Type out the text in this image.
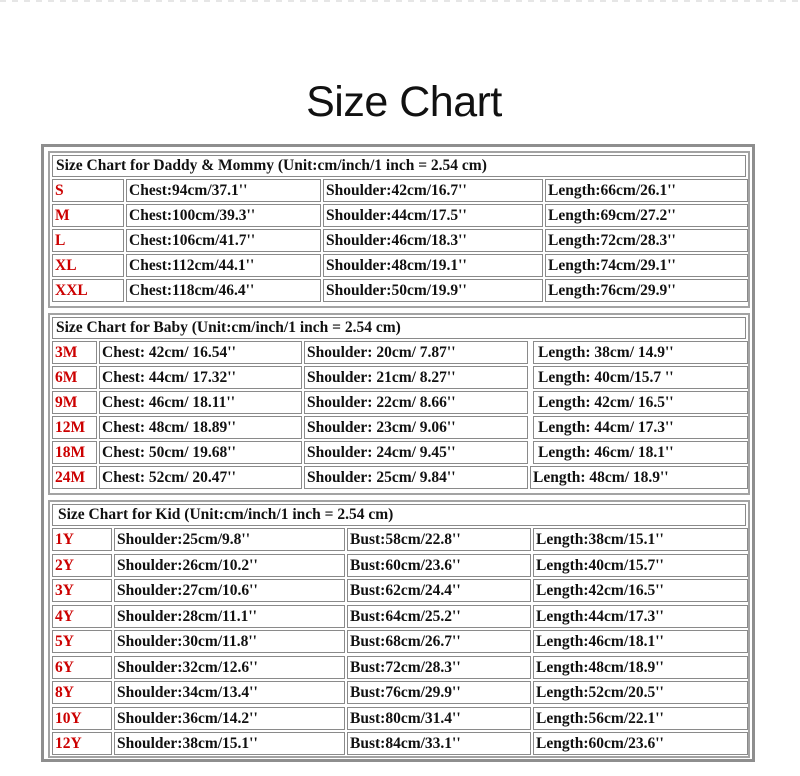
Size Chart
Size Chart for Daddy & Mommy (Unit:cm/inch/1 inch = 2.54 cm)
S	Chest:94cm/37.1''	Shoulder:42cm/16.7''	Length:66cm/26.1''
M	Chest:100cm/39.3''	Shoulder:44cm/17.5''	Length:69cm/27.2''
L	Chest:106cm/41.7''	Shoulder:46cm/18.3''	Length:72cm/28.3''
XL	Chest:112cm/44.1''	Shoulder:48cm/19.1''	Length:74cm/29.1''
XXL	Chest:118cm/46.4''	Shoulder:50cm/19.9''	Length:76cm/29.9''
Size Chart for Baby (Unit:cm/inch/1 inch = 2.54 cm)
3M	Chest: 42cm/ 16.54''	Shoulder: 20cm/ 7.87''	Length: 38cm/ 14.9''
6M	Chest: 44cm/ 17.32''	Shoulder: 21cm/ 8.27''	Length: 40cm/15.7 ''
9M	Chest: 46cm/ 18.11''	Shoulder: 22cm/ 8.66''	Length: 42cm/ 16.5''
12M	Chest: 48cm/ 18.89''	Shoulder: 23cm/ 9.06''	Length: 44cm/ 17.3''
18M	Chest: 50cm/ 19.68''	Shoulder: 24cm/ 9.45''	Length: 46cm/ 18.1''
24M	Chest: 52cm/ 20.47''	Shoulder: 25cm/ 9.84''	Length: 48cm/ 18.9''
Size Chart for Kid (Unit:cm/inch/1 inch = 2.54 cm)
1Y	Shoulder:25cm/9.8''	Bust:58cm/22.8''	Length:38cm/15.1''
2Y	Shoulder:26cm/10.2''	Bust:60cm/23.6''	Length:40cm/15.7''
3Y	Shoulder:27cm/10.6''	Bust:62cm/24.4''	Length:42cm/16.5''
4Y	Shoulder:28cm/11.1''	Bust:64cm/25.2''	Length:44cm/17.3''
5Y	Shoulder:30cm/11.8''	Bust:68cm/26.7''	Length:46cm/18.1''
6Y	Shoulder:32cm/12.6''	Bust:72cm/28.3''	Length:48cm/18.9''
8Y	Shoulder:34cm/13.4''	Bust:76cm/29.9''	Length:52cm/20.5''
10Y	Shoulder:36cm/14.2''	Bust:80cm/31.4''	Length:56cm/22.1''
12Y	Shoulder:38cm/15.1''	Bust:84cm/33.1''	Length:60cm/23.6''
